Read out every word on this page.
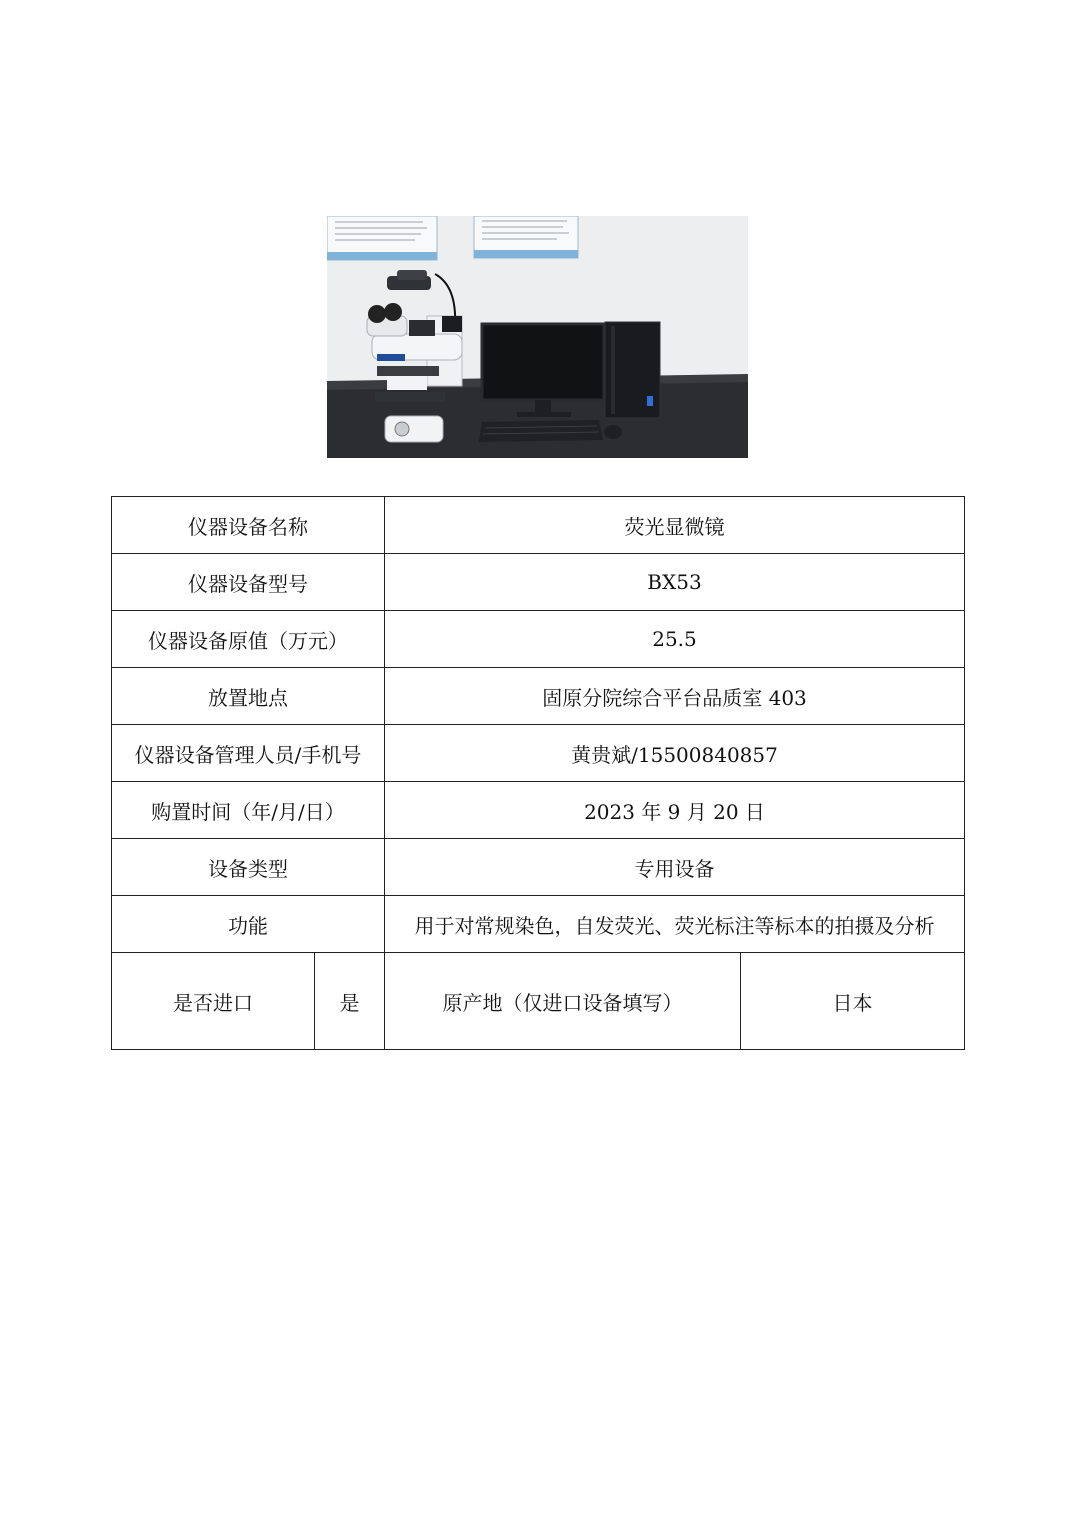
仪器设备名称		荧光显微镜	
仪器设备型号		BX53	
仪器设备原值（万元）		25.5	
放置地点		固原分院综合平台品质室 403	
仪器设备管理人员/手机号		黄贵斌/15500840857	
购置时间（年/月/日）		2023 年 9 月 20 日	
设备类型		专用设备	
功能		用于对常规染色，自发荧光、荧光标注等标本的拍摄及分析	
是否进口	是	原产地（仅进口设备填写）	日本
